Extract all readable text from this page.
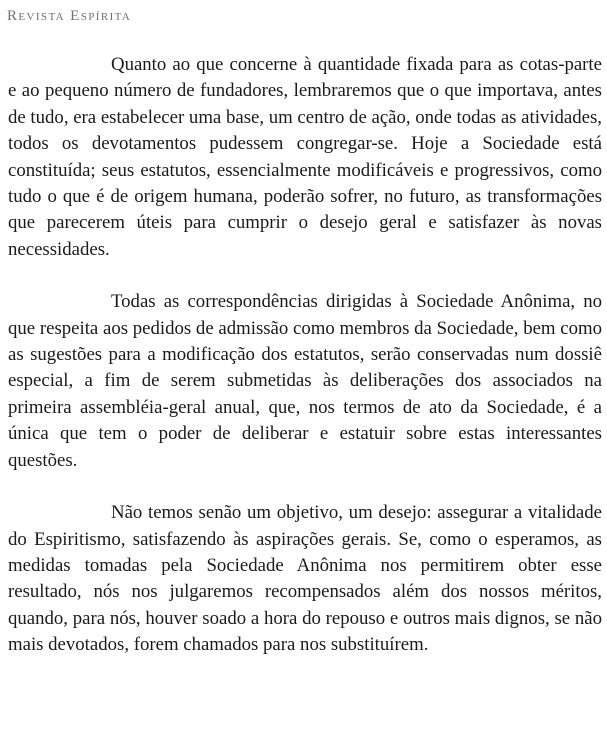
Revista Espírita

Quanto ao que concerne à quantidade fixada para as cotas-parte e ao pequeno número de fundadores, lembraremos que o que importava, antes de tudo, era estabelecer uma base, um centro de ação, onde todas as atividades, todos os devotamentos pudessem congregar-se. Hoje a Sociedade está constituída; seus estatutos, essencialmente modificáveis e progressivos, como tudo o que é de origem humana, poderão sofrer, no futuro, as transformações que parecerem úteis para cumprir o desejo geral e satisfazer às novas necessidades.

Todas as correspondências dirigidas à Sociedade Anônima, no que respeita aos pedidos de admissão como membros da Sociedade, bem como as sugestões para a modificação dos estatutos, serão conservadas num dossiê especial, a fim de serem submetidas às deliberações dos associados na primeira assembléia-geral anual, que, nos termos de ato da Sociedade, é a única que tem o poder de deliberar e estatuir sobre estas interessantes questões.

Não temos senão um objetivo, um desejo: assegurar a vitalidade do Espiritismo, satisfazendo às aspirações gerais. Se, como o esperamos, as medidas tomadas pela Sociedade Anônima nos permitirem obter esse resultado, nós nos julgaremos recompensados além dos nossos méritos, quando, para nós, houver soado a hora do repouso e outros mais dignos, se não mais devotados, forem chamados para nos substituírem.
